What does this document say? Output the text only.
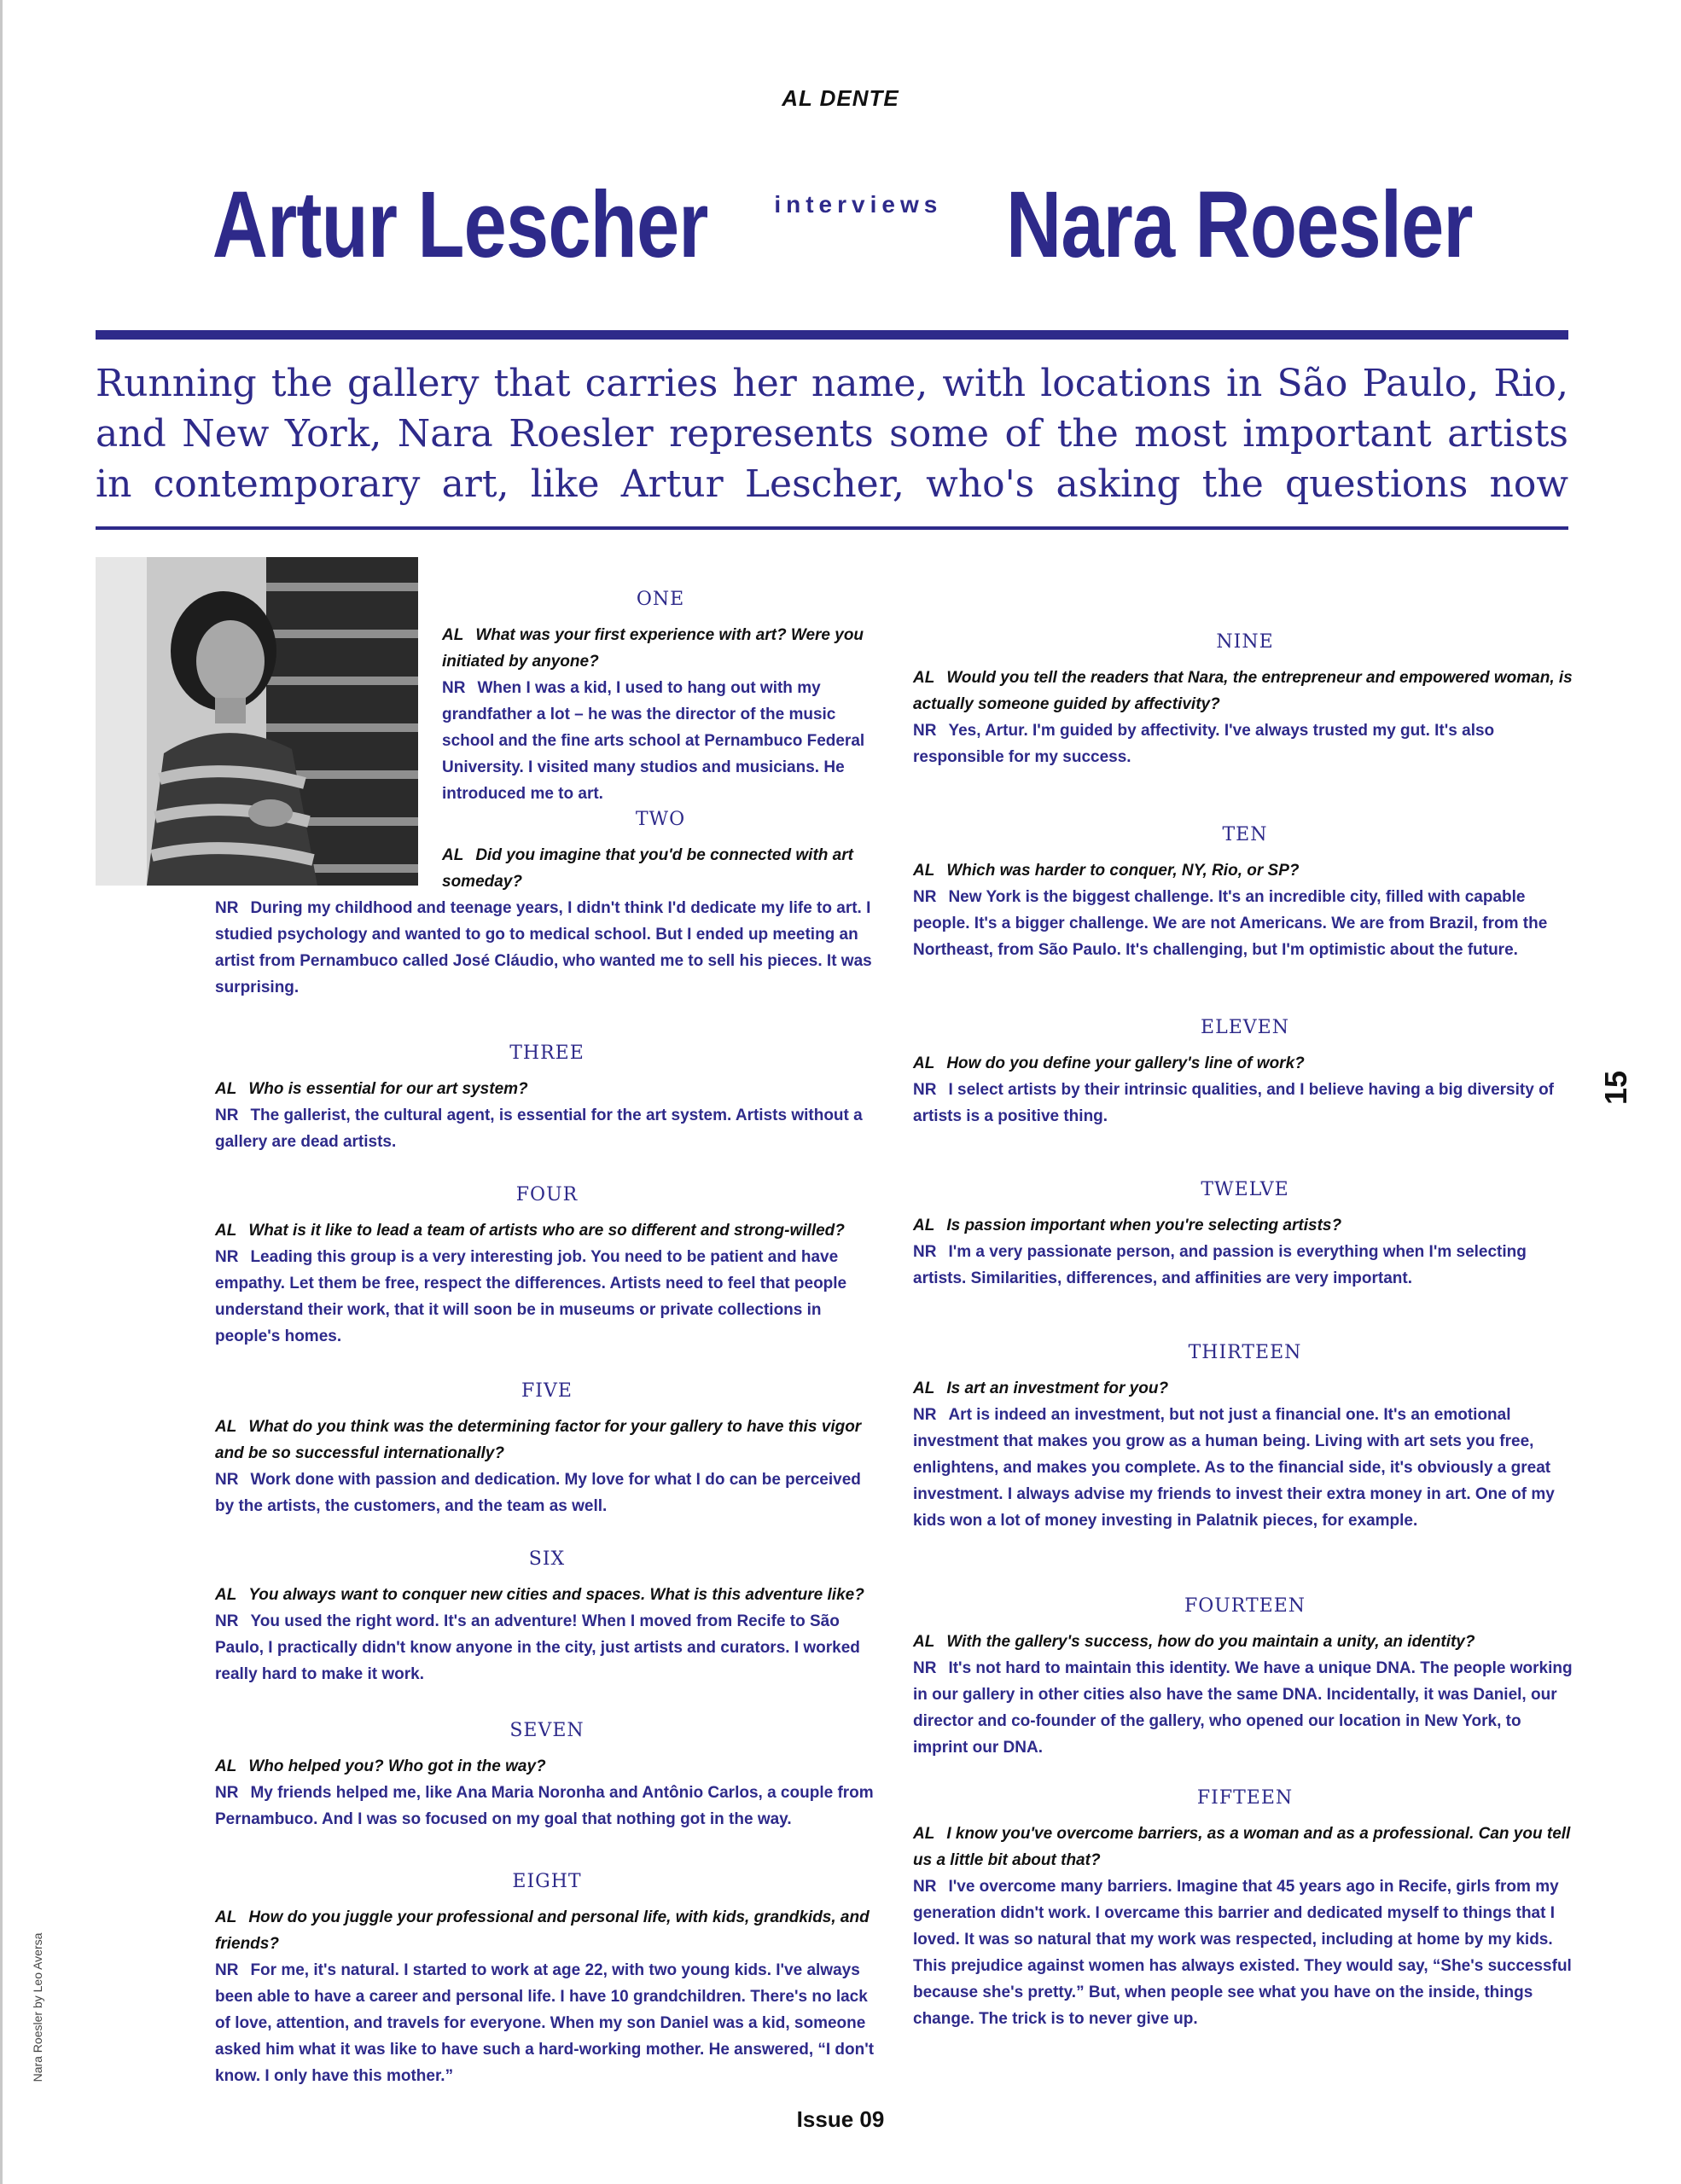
AL DENTE
Artur Lescher	interviews Nara Roesler
Running the gallery that carries her name, with locations in São Paulo, Rio, and New York, Nara Roesler represents some of the most important artists in contemporary art, like Artur Lescher, who's asking the questions now
ONE

AL What was your first experience with art? Were you initiated by anyone?

NR When I was a kid, I used to hang out with my grandfather a lot – he was the director of the music school and the fine arts school at Pernambuco Federal University. I visited many studios and musicians. He introduced me to art.

TWO

AL Did you imagine that you'd be connected with art someday?

NR During my childhood and teenage years, I didn't think I'd dedicate my life to art. I studied psychology and wanted to go to medical school. But I ended up meeting an artist from Pernambuco called José Cláudio, who wanted me to sell his pieces. It was surprising.

THREE

AL Who is essential for our art system?

NR The gallerist, the cultural agent, is essential for the art system. Artists without a gallery are dead artists.

FOUR

AL What is it like to lead a team of artists who are so different and strong-willed?

NR Leading this group is a very interesting job. You need to be patient and have empathy. Let them be free, respect the differences. Artists need to feel that people understand their work, that it will soon be in museums or private collections in people's homes.

FIVE

AL What do you think was the determining factor for your gallery to have this vigor and be so successful internationally?

NR Work done with passion and dedication. My love for what I do can be perceived by the artists, the customers, and the team as well.

SIX

AL You always want to conquer new cities and spaces. What is this adventure like?

NR You used the right word. It's an adventure! When I moved from Recife to São Paulo, I practically didn't know anyone in the city, just artists and curators. I worked really hard to make it work.

SEVEN

AL Who helped you? Who got in the way?

NR My friends helped me, like Ana Maria Noronha and Antônio Carlos, a couple from Pernambuco. And I was so focused on my goal that nothing got in the way.

EIGHT

AL How do you juggle your professional and personal life, with kids, grandkids, and friends?

NR For me, it's natural. I started to work at age 22, with two young kids. I've always been able to have a career and personal life. I have 10 grandchildren. There's no lack of love, attention, and travels for everyone. When my son Daniel was a kid, someone asked him what it was like to have such a hard-working mother. He answered, “I don't know. I only have this mother.”

NINE

AL Would you tell the readers that Nara, the entrepreneur and empowered woman, is actually someone guided by affectivity?

NR Yes, Artur. I'm guided by affectivity. I've always trusted my gut. It's also responsible for my success.

TEN

AL Which was harder to conquer, NY, Rio, or SP?

NR New York is the biggest challenge. It's an incredible city, filled with capable people. It's a bigger challenge. We are not Americans. We are from Brazil, from the Northeast, from São Paulo. It's challenging, but I'm optimistic about the future.

ELEVEN

AL How do you define your gallery's line of work?

NR I select artists by their intrinsic qualities, and I believe having a big diversity of artists is a positive thing.

TWELVE

AL Is passion important when you're selecting artists?

NR I'm a very passionate person, and passion is everything when I'm selecting artists. Similarities, differences, and affinities are very important.

THIRTEEN

AL Is art an investment for you?

NR Art is indeed an investment, but not just a financial one. It's an emotional investment that makes you grow as a human being. Living with art sets you free, enlightens, and makes you complete. As to the financial side, it's obviously a great investment. I always advise my friends to invest their extra money in art. One of my kids won a lot of money investing in Palatnik pieces, for example.

FOURTEEN

AL With the gallery's success, how do you maintain a unity, an identity?

NR It's not hard to maintain this identity. We have a unique DNA. The people working in our gallery in other cities also have the same DNA. Incidentally, it was Daniel, our director and co-founder of the gallery, who opened our location in New York, to imprint our DNA.

FIFTEEN

AL I know you've overcome barriers, as a woman and as a professional. Can you tell us a little bit about that?

NR I've overcome many barriers. Imagine that 45 years ago in Recife, girls from my generation didn't work. I overcame this barrier and dedicated myself to things that I loved. It was so natural that my work was respected, including at home by my kids. This prejudice against women has always existed. They would say, “She's successful because she's pretty.” But, when people see what you have on the inside, things change. The trick is to never give up.

15
Nara Roesler by Leo Aversa
Issue 09
